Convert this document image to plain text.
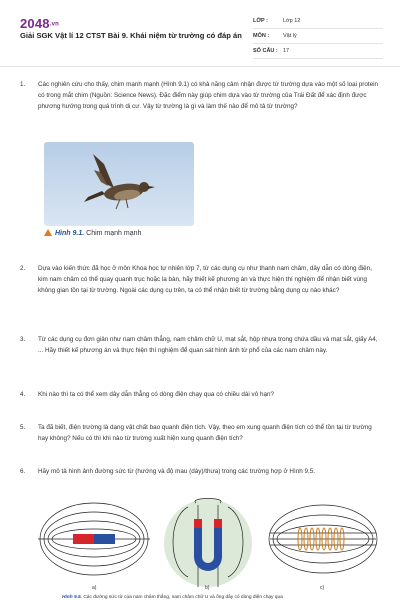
2048.vn
Giải SGK Vật lí 12 CTST Bài 9. Khái niệm từ trường có đáp án
LỚP :	Lớp 12
MÔN :	Vật lý
SỐ CÂU : 17
1. Các nghiên cứu cho thấy, chim mạnh mạnh (Hình 9.1) có khả năng cảm nhận được từ trường dựa vào một số loại protein có trong mắt chim (Nguồn: Science News). Đặc điểm này giúp chim dựa vào từ trường của Trái Đất để xác định được phương hướng trong quá trình di cư. Vậy từ trường là gì và làm thế nào để mô tả từ trường?
Hình 9.1. Chim mạnh mạnh
2. Dựa vào kiến thức đã học ở môn Khoa học tự nhiên lớp 7, từ các dụng cụ như thanh nam châm, dây dẫn có dòng điện, kim nam châm có thể quay quanh trục hoặc la bàn, hãy thiết kế phương án và thực hiện thí nghiệm để nhận biết vùng không gian tồn tại từ trường. Ngoài các dụng cụ trên, ta có thể nhận biết từ trường bằng dụng cụ nào khác?
3. Từ các dụng cụ đơn giản như nam châm thẳng, nam châm chữ U, mạt sắt, hộp nhựa trong chứa dầu và mạt sắt, giấy A4, ... Hãy thiết kế phương án và thực hiện thí nghiệm để quan sát hình ảnh từ phổ của các nam châm này.
4. Khi nào thì ta có thể xem dây dẫn thẳng có dòng điện chạy qua có chiều dài vô hạn?
5. Ta đã biết, điện trường là dạng vật chất bao quanh điện tích. Vậy, theo em xung quanh điện tích có thể tồn tại từ trường hay không? Nếu có thì khi nào từ trường xuất hiện xung quanh điện tích?
6. Hãy mô tả hình ảnh đường sức từ (hướng và độ mau (dày)/thưa) trong các trường hợp ở Hình 9.5.
a)	b)	c)
Hình 9.5. Các đường sức từ của nam châm thẳng, nam châm chữ U và ống dây có dòng điện chạy qua
